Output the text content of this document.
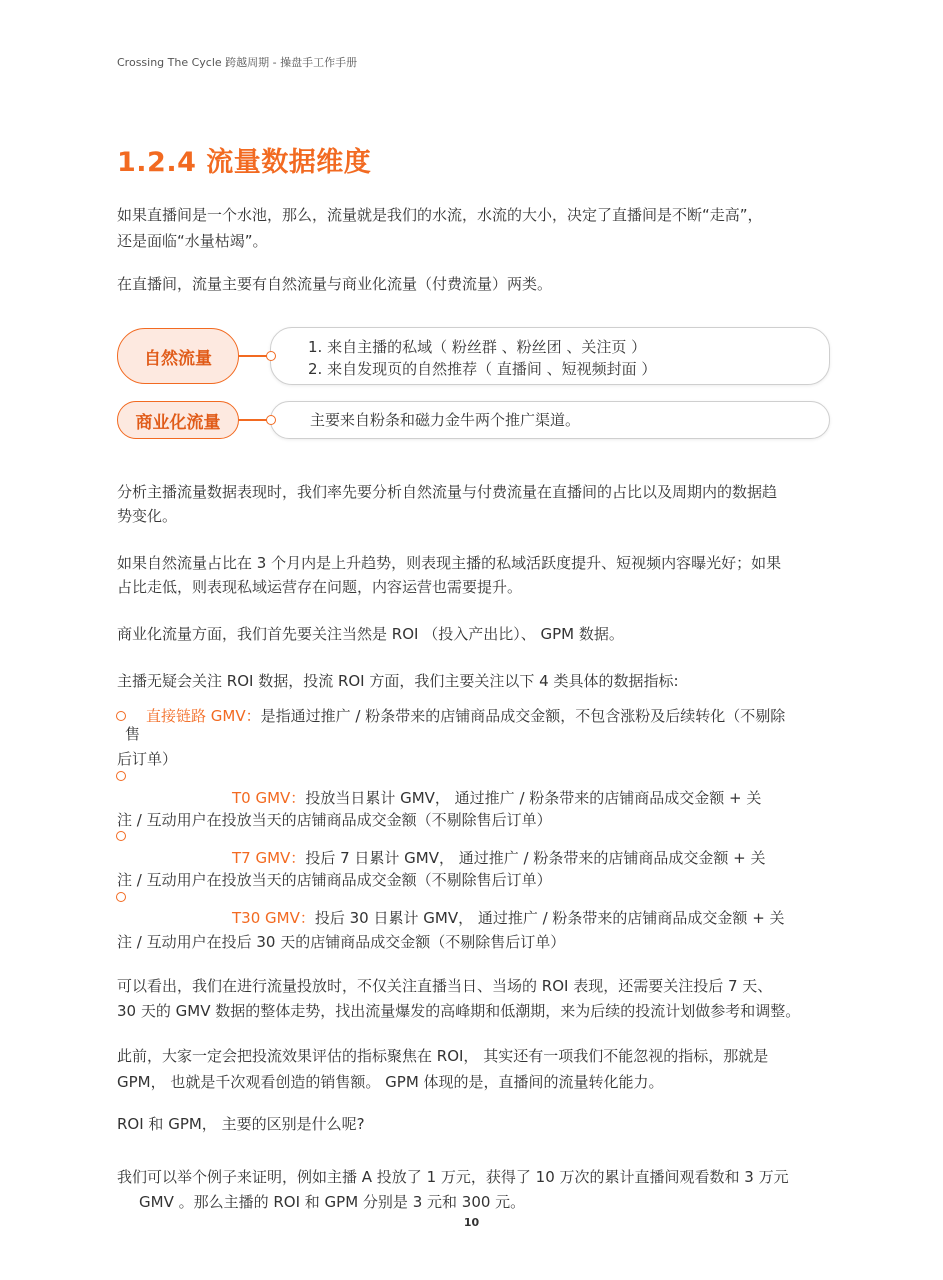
Crossing The Cycle 跨越周期 - 操盘手工作手册
1.2.4 流量数据维度
如果直播间是一个水池，那么，流量就是我们的水流，水流的大小，决定了直播间是不断“走高”，
还是面临“水量枯竭”。
在直播间，流量主要有自然流量与商业化流量（付费流量）两类。
自然流量
1. 来自主播的私域（ 粉丝群 、粉丝团 、关注页 ）
2. 来自发现页的自然推荐（ 直播间 、短视频封面 ）
商业化流量	主要来自粉条和磁力金牛两个推广渠道。
分析主播流量数据表现时，我们率先要分析自然流量与付费流量在直播间的占比以及周期内的数据趋
势变化。
如果自然流量占比在 3 个月内是上升趋势，则表现主播的私域活跃度提升、短视频内容曝光好；如果
占比走低，则表现私域运营存在问题，内容运营也需要提升。
商业化流量方面，我们首先要关注当然是 ROI （投入产出比）、 GPM 数据。
主播无疑会关注 ROI 数据，投流 ROI 方面，我们主要关注以下 4 类具体的数据指标:
直接链路 GMV：是指通过推广 / 粉条带来的店铺商品成交金额，不包含涨粉及后续转化（不剔除
售
后订单）
T0 GMV：投放当日累计 GMV， 通过推广 / 粉条带来的店铺商品成交金额 + 关
注 / 互动用户在投放当天的店铺商品成交金额（不剔除售后订单）
T7 GMV：投后 7 日累计 GMV， 通过推广 / 粉条带来的店铺商品成交金额 + 关
注 / 互动用户在投放当天的店铺商品成交金额（不剔除售后订单）
T30 GMV：投后 30 日累计 GMV， 通过推广 / 粉条带来的店铺商品成交金额 + 关
注 / 互动用户在投后 30 天的店铺商品成交金额（不剔除售后订单）
可以看出，我们在进行流量投放时，不仅关注直播当日、当场的 ROI 表现，还需要关注投后 7 天、
30 天的 GMV 数据的整体走势，找出流量爆发的高峰期和低潮期，来为后续的投流计划做参考和调整。
此前，大家一定会把投流效果评估的指标聚焦在 ROI， 其实还有一项我们不能忽视的指标，那就是
GPM， 也就是千次观看创造的销售额。 GPM 体现的是，直播间的流量转化能力。
ROI 和 GPM， 主要的区别是什么呢?
我们可以举个例子来证明，例如主播 A 投放了 1 万元，获得了 10 万次的累计直播间观看数和 3 万元
GMV 。那么主播的 ROI 和 GPM 分别是 3 元和 300 元。
10
